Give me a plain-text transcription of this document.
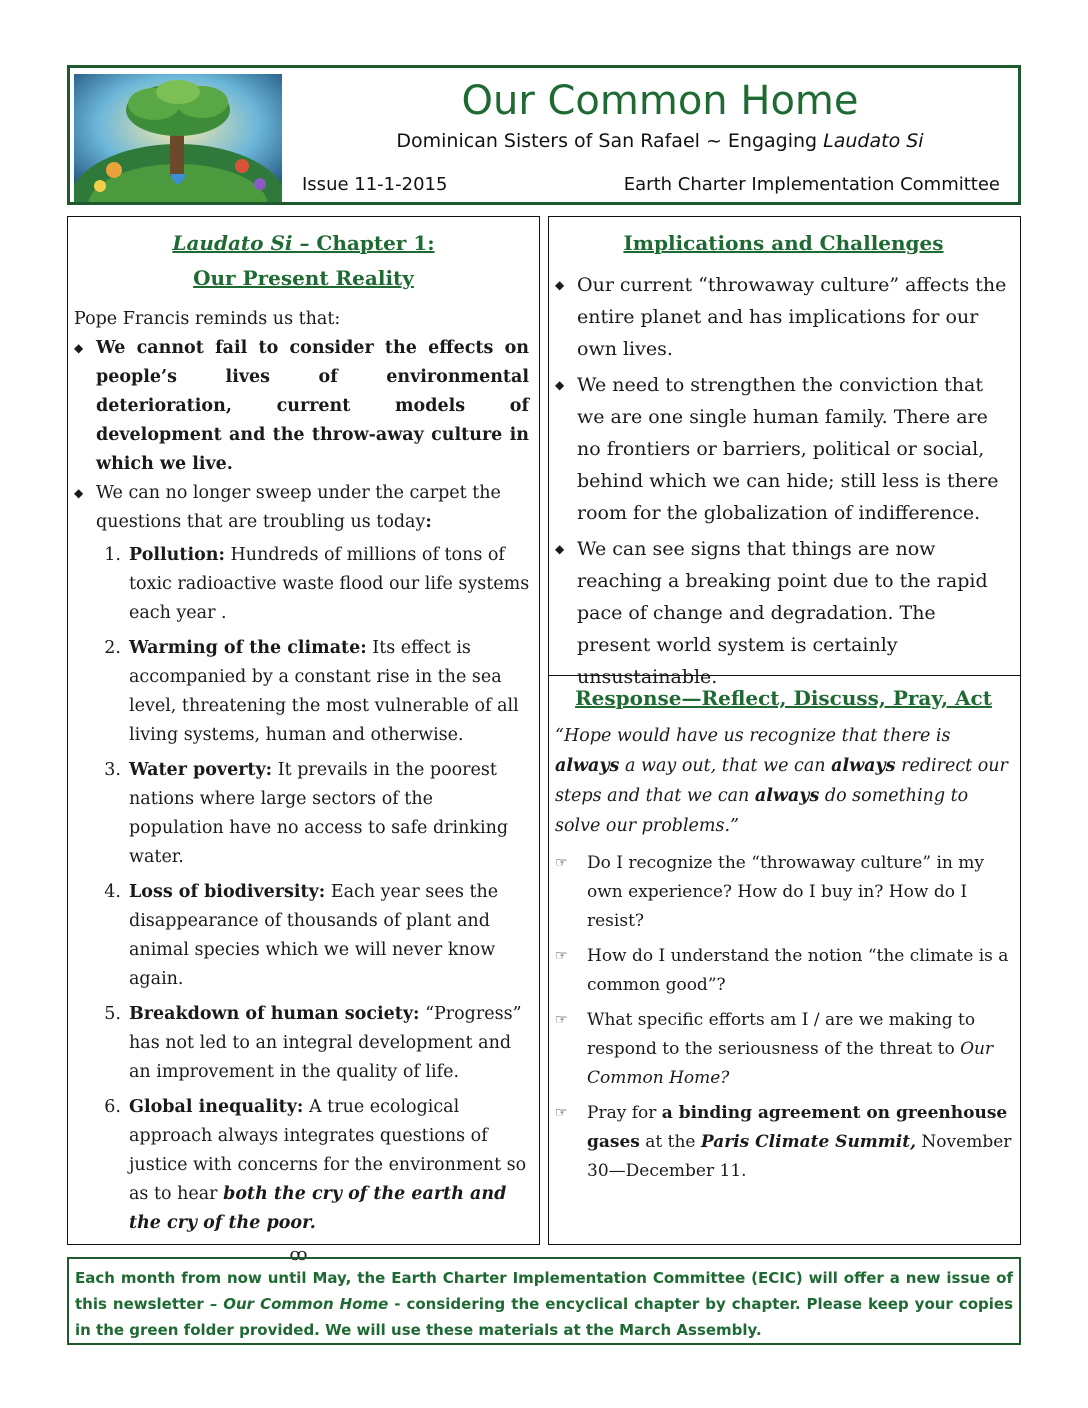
Our Common Home
Dominican Sisters of San Rafael ~ Engaging Laudato Si
Issue 11-1-2015	Earth Charter Implementation Committee
Laudato Si – Chapter 1:
Our Present Reality
Pope Francis reminds us that:
◆ We cannot fail to consider the effects on people’s lives of environmental deterioration, current models of development and the throw-away culture in which we live.
◆ We can no longer sweep under the carpet the questions that are troubling us today:
1. Pollution: Hundreds of millions of tons of toxic radioactive waste flood our life systems each year .
2. Warming of the climate: Its effect is accompanied by a constant rise in the sea level, threatening the most vulnerable of all living systems, human and otherwise.
3. Water poverty: It prevails in the poorest nations where large sectors of the population have no access to safe drinking water.
4. Loss of biodiversity: Each year sees the disappearance of thousands of plant and animal species which we will never know again.
5. Breakdown of human society: “Progress” has not led to an integral development and an improvement in the quality of life.
6. Global inequality: A true ecological approach always integrates questions of justice with concerns for the environment so as to hear both the cry of the earth and the cry of the poor.
ꝏ
Implications and Challenges
◆ Our current “throwaway culture” affects the entire planet and has implications for our own lives.
◆ We need to strengthen the conviction that we are one single human family. There are no frontiers or barriers, political or social, behind which we can hide; still less is there room for the globalization of indifference.
◆ We can see signs that things are now reaching a breaking point due to the rapid pace of change and degradation. The present world system is certainly unsustainable.
Response—Reflect, Discuss, Pray, Act
“Hope would have us recognize that there is always a way out, that we can always redirect our steps and that we can always do something to solve our problems.”
☞	Do I recognize the “throwaway culture” in my own experience? How do I buy in? How do I resist?
☞	How do I understand the notion “the climate is a common good”?
☞	What specific efforts am I / are we making to respond to the seriousness of the threat to Our Common Home?
☞	Pray for a binding agreement on greenhouse gases at the Paris Climate Summit, November 30—December 11.
Each month from now until May, the Earth Charter Implementation Committee (ECIC) will offer a new issue of this newsletter – Our Common Home - considering the encyclical chapter by chapter. Please keep your copies in the green folder provided. We will use these materials at the March Assembly.
